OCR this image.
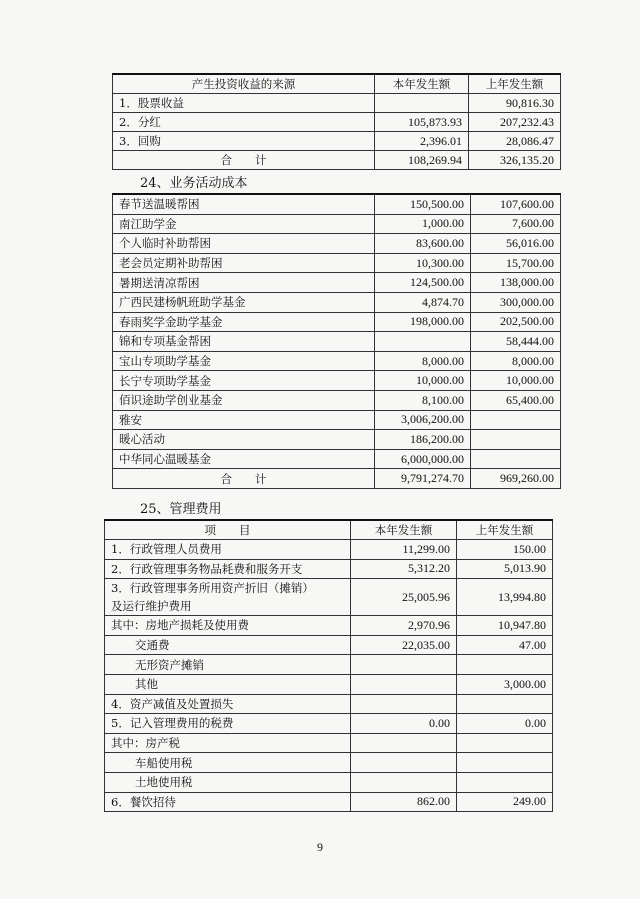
产生投资收益的来源	本年发生额	上年发生额
1．股票收益		90,816.30
2．分红	105,873.93	207,232.43
3．回购	2,396.01	28,086.47
合　　计	108,269.94	326,135.20
24、业务活动成本
春节送温暖帮困	150,500.00	107,600.00
南江助学金	1,000.00	7,600.00
个人临时补助帮困	83,600.00	56,016.00
老会员定期补助帮困	10,300.00	15,700.00
暑期送清凉帮困	124,500.00	138,000.00
广西民建杨帆班助学基金	4,874.70	300,000.00
春雨奖学金助学基金	198,000.00	202,500.00
锦和专项基金帮困		58,444.00
宝山专项助学基金	8,000.00	8,000.00
长宁专项助学基金	10,000.00	10,000.00
佰识途助学创业基金	8,100.00	65,400.00
雅安	3,006,200.00	
暖心活动	186,200.00	
中华同心温暖基金	6,000,000.00	
合　　计	9,791,274.70	969,260.00
25、管理费用
项　　目	本年发生额	上年发生额
1．行政管理人员费用	11,299.00	150.00
2．行政管理事务物品耗费和服务开支	5,312.20	5,013.90

3．行政管理事务所用资产折旧（摊销）
及运行维护费用	25,005.96	13,994.80
其中：房地产损耗及使用费	2,970.96	10,947.80
交通费	22,035.00	47.00
无形资产摊销		
其他		3,000.00
4．资产减值及处置损失		
5．记入管理费用的税费	0.00	0.00
其中：房产税		
车船使用税		
土地使用税		
6．餐饮招待	862.00	249.00
9
